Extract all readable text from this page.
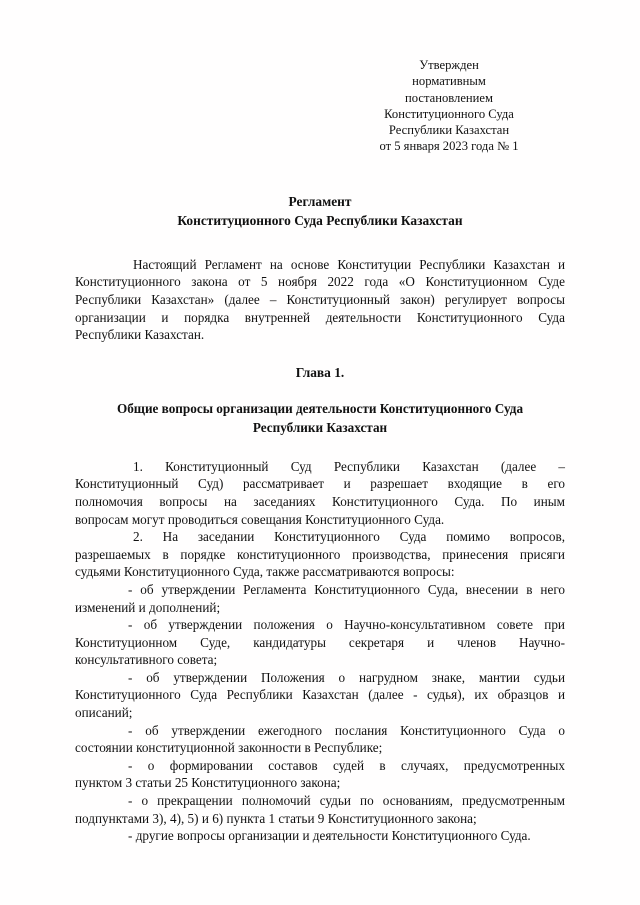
Утвержден
нормативным
постановлением
Конституционного Суда
Республики Казахстан
от 5 января 2023 года № 1
Регламент
Конституционного Суда Республики Казахстан
Настоящий Регламент на основе Конституции Республики Казахстан и
Конституционного закона от 5 ноября 2022 года «О Конституционном Суде
Республики Казахстан» (далее – Конституционный закон) регулирует вопросы
организации и порядка внутренней деятельности Конституционного Суда
Республики Казахстан.
Глава 1.
Общие вопросы организации деятельности Конституционного Суда
Республики Казахстан
1. Конституционный Суд Республики Казахстан (далее –
Конституционный Суд) рассматривает и разрешает входящие в его
полномочия вопросы на заседаниях Конституционного Суда. По иным
вопросам могут проводиться совещания Конституционного Суда.
2. На заседании Конституционного Суда помимо вопросов,
разрешаемых в порядке конституционного производства, принесения присяги
судьями Конституционного Суда, также рассматриваются вопросы:
- об утверждении Регламента Конституционного Суда, внесении в него
изменений и дополнений;
- об утверждении положения о Научно-консультативном совете при
Конституционном Суде, кандидатуры секретаря и членов Научно-
консультативного совета;
- об утверждении Положения о нагрудном знаке, мантии судьи
Конституционного Суда Республики Казахстан (далее - судья), их образцов и
описаний;
- об утверждении ежегодного послания Конституционного Суда о
состоянии конституционной законности в Республике;
- о формировании составов судей в случаях, предусмотренных
пунктом 3 статьи 25 Конституционного закона;
- о прекращении полномочий судьи по основаниям, предусмотренным
подпунктами 3), 4), 5) и 6) пункта 1 статьи 9 Конституционного закона;
- другие вопросы организации и деятельности Конституционного Суда.
